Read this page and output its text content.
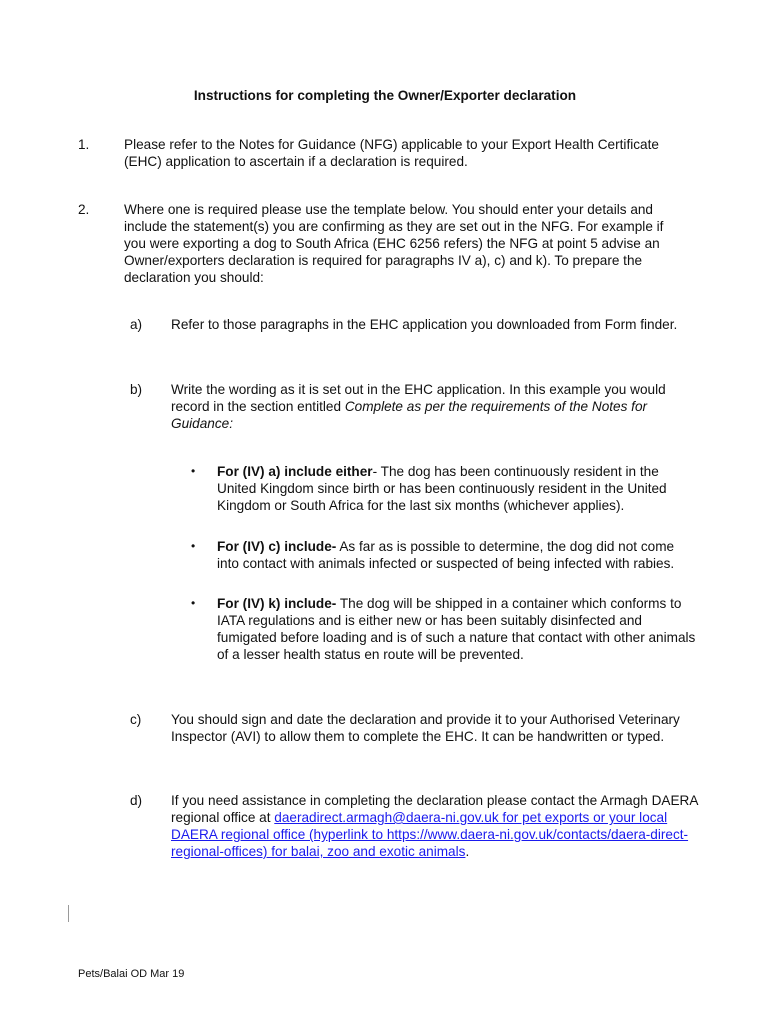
Instructions for completing the Owner/Exporter declaration
1.	Please refer to the Notes for Guidance (NFG) applicable to your Export Health Certificate (EHC) application to ascertain if a declaration is required.
2.	Where one is required please use the template below. You should enter your details and include the statement(s) you are confirming as they are set out in the NFG. For example if you were exporting a dog to South Africa (EHC 6256 refers) the NFG at point 5 advise an Owner/exporters declaration is required for paragraphs IV a), c) and k). To prepare the declaration you should:
a) Refer to those paragraphs in the EHC application you downloaded from Form finder.
b) Write the wording as it is set out in the EHC application. In this example you would record in the section entitled Complete as per the requirements of the Notes for Guidance:
• For (IV) a) include either- The dog has been continuously resident in the United Kingdom since birth or has been continuously resident in the United Kingdom or South Africa for the last six months (whichever applies).
• For (IV) c) include- As far as is possible to determine, the dog did not come into contact with animals infected or suspected of being infected with rabies.
• For (IV) k) include- The dog will be shipped in a container which conforms to IATA regulations and is either new or has been suitably disinfected and fumigated before loading and is of such a nature that contact with other animals of a lesser health status en route will be prevented.
c) You should sign and date the declaration and provide it to your Authorised Veterinary Inspector (AVI) to allow them to complete the EHC. It can be handwritten or typed.
d) If you need assistance in completing the declaration please contact the Armagh DAERA regional office at daeradirect.armagh@daera-ni.gov.uk for pet exports or your local DAERA regional office (hyperlink to https://www.daera-ni.gov.uk/contacts/daera-direct-regional-offices) for balai, zoo and exotic animals.
Pets/Balai OD Mar 19
